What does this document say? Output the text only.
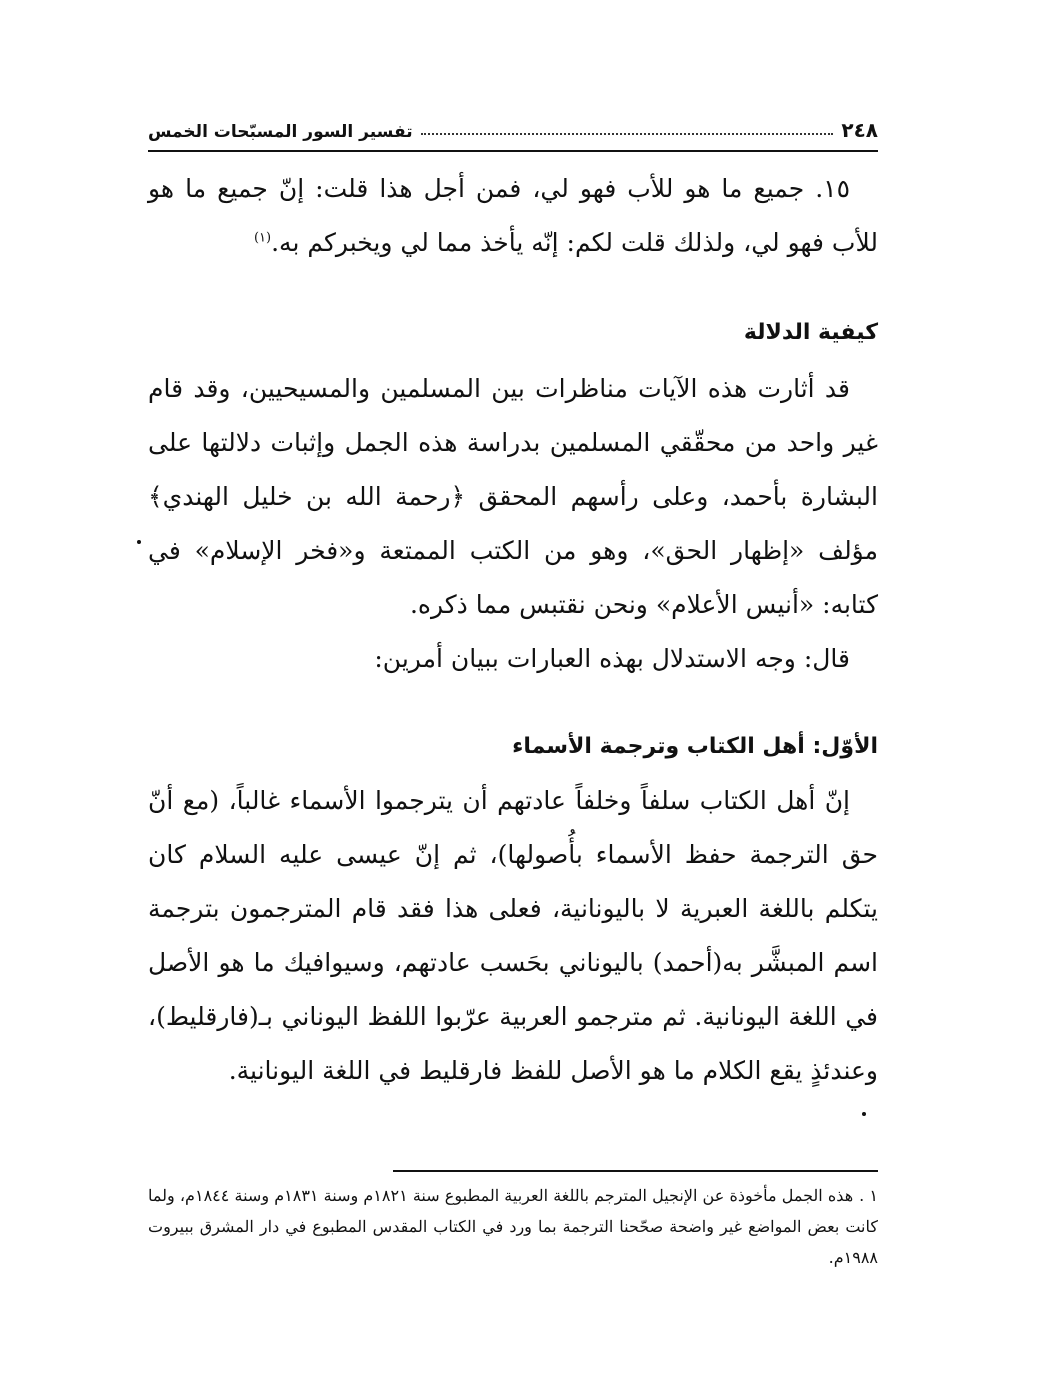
٢٤٨
تفسير السور المسبّحات الخمس

١٥. جميع ما هو للأب فهو لي، فمن أجل هذا قلت: إنّ جميع ما هو للأب فهو لي، ولذلك قلت لكم: إنّه يأخذ مما لي ويخبركم به.$^{(١)}$

كيفية الدلالة

قد أثارت هذه الآيات مناظرات بين المسلمين والمسيحيين، وقد قام غير واحد من محقّقي المسلمين بدراسة هذه الجمل وإثبات دلالتها على البشارة بأحمد، وعلى رأسهم المحقق ﴿رحمة الله بن خليل الهندي﴾ مؤلف «إظهار الحق»، وهو من الكتب الممتعة و«فخر الإسلام» في كتابه: «أنيس الأعلام» ونحن نقتبس مما ذكره.

قال: وجه الاستدلال بهذه العبارات ببيان أمرين:

الأوّل: أهل الكتاب وترجمة الأسماء

إنّ أهل الكتاب سلفاً وخلفاً عادتهم أن يترجموا الأسماء غالباً، (مع أنّ حق الترجمة حفظ الأسماء بأُصولها)، ثم إنّ عيسى عليه السلام كان يتكلم باللغة العبرية لا باليونانية، فعلى هذا فقد قام المترجمون بترجمة اسم المبشَّر به(أحمد) باليوناني بحَسب عادتهم، وسيوافيك ما هو الأصل في اللغة اليونانية. ثم مترجمو العربية عرّبوا اللفظ اليوناني بـ(فارقليط)، وعندئذٍ يقع الكلام ما هو الأصل للفظ فارقليط في اللغة اليونانية.

١ .هذه الجمل مأخوذة عن الإنجيل المترجم باللغة العربية المطبوع سنة ١٨٢١م وسنة ١٨٣١م وسنة ١٨٤٤م، ولما كانت بعض المواضع غير واضحة صحّحنا الترجمة بما ورد في الكتاب المقدس المطبوع في دار المشرق ببيروت ١٩٨٨م.
